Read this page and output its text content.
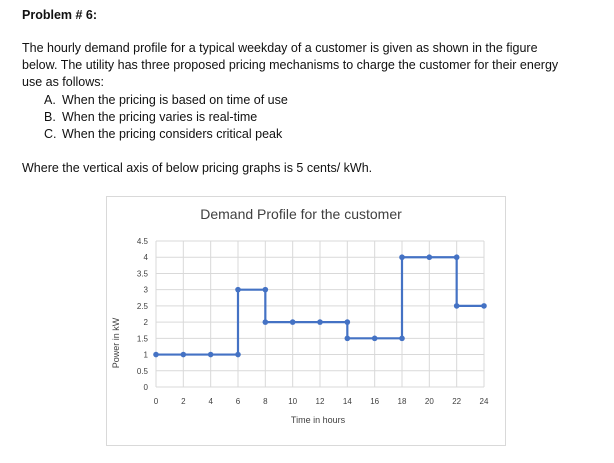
Problem # 6:
The hourly demand profile for a typical weekday of a customer is given as shown in the figure
below. The utility has three proposed pricing mechanisms to charge the customer for their energy
use as follows:
A. When the pricing is based on time of use
B. When the pricing varies is real-time
C. When the pricing considers critical peak
Where the vertical axis of below pricing graphs is 5 cents/ kWh.
Demand Profile for the customer
Power in kW
Time in hours
0
0.5
1
1.5
2
2.5
3
3.5
4
4.5
0	2	4	6	8	10 12 14 16 18 20 22 24
